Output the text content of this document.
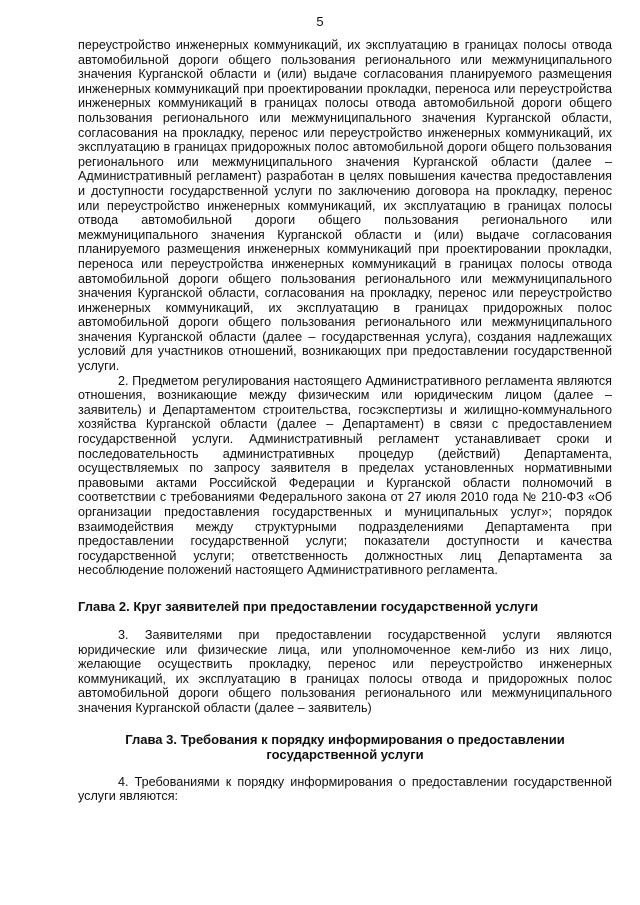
5

переустройство инженерных коммуникаций, их эксплуатацию в границах полосы отвода автомобильной дороги общего пользования регионального или межмуниципального значения Курганской области и (или) выдаче согласования планируемого размещения инженерных коммуникаций при проектировании прокладки, переноса или переустройства инженерных коммуникаций в границах полосы отвода автомобильной дороги общего пользования регионального или межмуниципального значения Курганской области, согласования на прокладку, перенос или переустройство инженерных коммуникаций, их эксплуатацию в границах придорожных полос автомобильной дороги общего пользования регионального или межмуниципального значения Курганской области (далее – Административный регламент) разработан в целях повышения качества предоставления и доступности государственной услуги по заключению договора на прокладку, перенос или переустройство инженерных коммуникаций, их эксплуатацию в границах полосы отвода автомобильной дороги общего пользования регионального или межмуниципального значения Курганской области и (или) выдаче согласования планируемого размещения инженерных коммуникаций при проектировании прокладки, переноса или переустройства инженерных коммуникаций в границах полосы отвода автомобильной дороги общего пользования регионального или межмуниципального значения Курганской области, согласования на прокладку, перенос или переустройство инженерных коммуникаций, их эксплуатацию в границах придорожных полос автомобильной дороги общего пользования регионального или межмуниципального значения Курганской области (далее – государственная услуга), создания надлежащих условий для участников отношений, возникающих при предоставлении государственной услуги.

2. Предметом регулирования настоящего Административного регламента являются отношения, возникающие между физическим или юридическим лицом (далее – заявитель) и Департаментом строительства, госэкспертизы и жилищно-коммунального хозяйства Курганской области (далее – Департамент) в связи с предоставлением государственной услуги. Административный регламент устанавливает сроки и последовательность административных процедур (действий) Департамента, осуществляемых по запросу заявителя в пределах установленных нормативными правовыми актами Российской Федерации и Курганской области полномочий в соответствии с требованиями Федерального закона от 27 июля 2010 года № 210-ФЗ «Об организации предоставления государственных и муниципальных услуг»; порядок взаимодействия между структурными подразделениями Департамента при предоставлении государственной услуги; показатели доступности и качества государственной услуги; ответственность должностных лиц Департамента за несоблюдение положений настоящего Административного регламента.

Глава 2. Круг заявителей при предоставлении государственной услуги

3. Заявителями при предоставлении государственной услуги являются юридические или физические лица, или уполномоченное кем-либо из них лицо, желающие осуществить прокладку, перенос или переустройство инженерных коммуникаций, их эксплуатацию в границах полосы отвода и придорожных полос автомобильной дороги общего пользования регионального или межмуниципального значения Курганской области (далее – заявитель)

Глава 3. Требования к порядку информирования о предоставлении
государственной услуги

4. Требованиями к порядку информирования о предоставлении государственной услуги являются:
